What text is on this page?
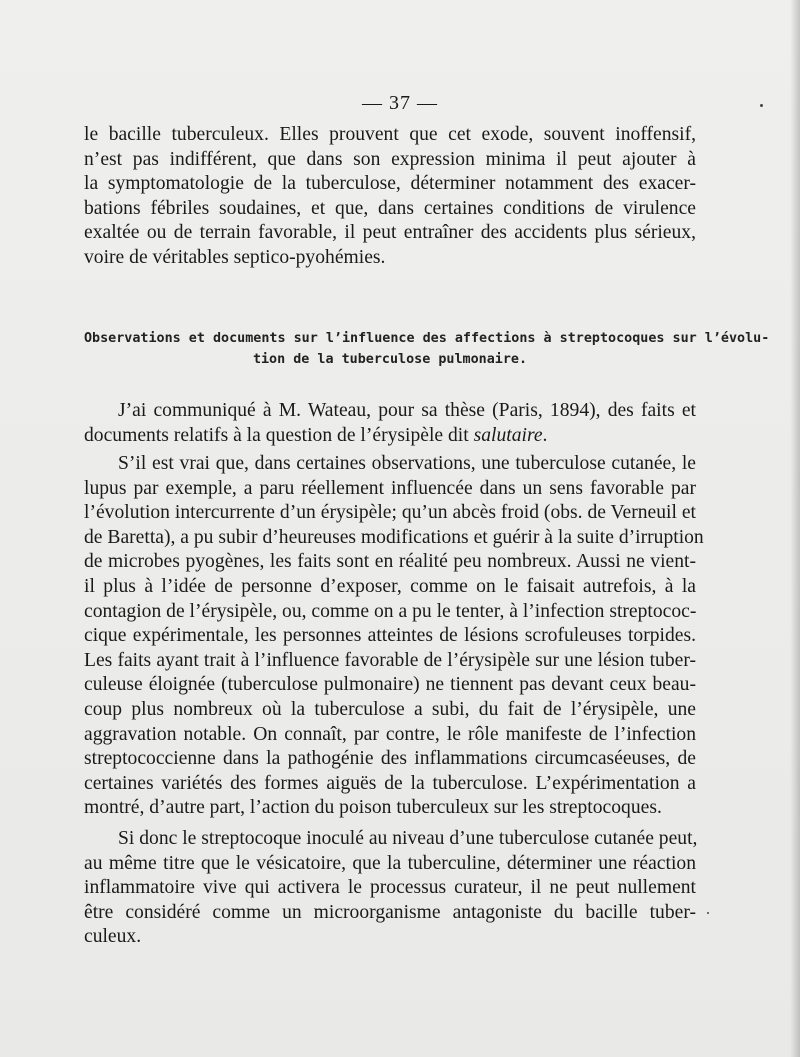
— 37 —
le bacille tuberculeux. Elles prouvent que cet exode, souvent inoffensif,
n’est pas indifférent, que dans son expression minima il peut ajouter à
la symptomatologie de la tuberculose, déterminer notamment des exacer-
bations fébriles soudaines, et que, dans certaines conditions de virulence
exaltée ou de terrain favorable, il peut entraîner des accidents plus sérieux,
voire de véritables septico-pyohémies.
Observations et documents sur l’influence des affections à streptocoques sur l’évolu-
tion de la tuberculose pulmonaire.
J’ai communiqué à M. Wateau, pour sa thèse (Paris, 1894), des faits et
documents relatifs à la question de l’érysipèle dit salutaire.
S’il est vrai que, dans certaines observations, une tuberculose cutanée, le
lupus par exemple, a paru réellement influencée dans un sens favorable par
l’évolution intercurrente d’un érysipèle; qu’un abcès froid (obs. de Verneuil et
de Baretta), a pu subir d’heureuses modifications et guérir à la suite d’irruption
de microbes pyogènes, les faits sont en réalité peu nombreux. Aussi ne vient-
il plus à l’idée de personne d’exposer, comme on le faisait autrefois, à la
contagion de l’érysipèle, ou, comme on a pu le tenter, à l’infection streptococ-
cique expérimentale, les personnes atteintes de lésions scrofuleuses torpides.
Les faits ayant trait à l’influence favorable de l’érysipèle sur une lésion tuber-
culeuse éloignée (tuberculose pulmonaire) ne tiennent pas devant ceux beau-
coup plus nombreux où la tuberculose a subi, du fait de l’érysipèle, une
aggravation notable. On connaît, par contre, le rôle manifeste de l’infection
streptococcienne dans la pathogénie des inflammations circumcaséeuses, de
certaines variétés des formes aiguës de la tuberculose. L’expérimentation a
montré, d’autre part, l’action du poison tuberculeux sur les streptocoques.
Si donc le streptocoque inoculé au niveau d’une tuberculose cutanée peut,
au même titre que le vésicatoire, que la tuberculine, déterminer une réaction
inflammatoire vive qui activera le processus curateur, il ne peut nullement
être considéré comme un microorganisme antagoniste du bacille tuber-
culeux.
